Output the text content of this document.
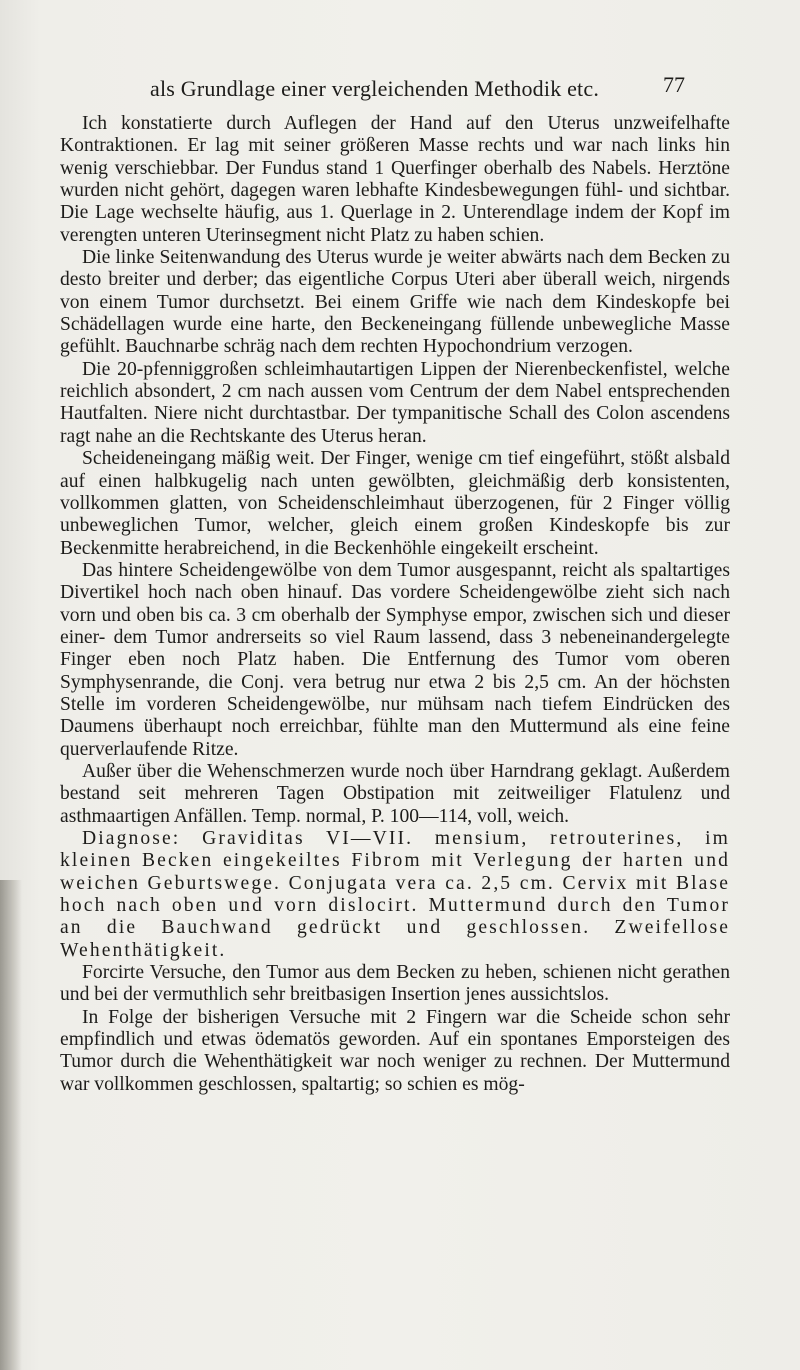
als Grundlage einer vergleichenden Methodik etc.	77

Ich konstatierte durch Auflegen der Hand auf den Uterus unzweifelhafte Kontraktionen. Er lag mit seiner größeren Masse rechts und war nach links hin wenig verschiebbar. Der Fundus stand 1 Querfinger oberhalb des Nabels. Herztöne wurden nicht gehört, dagegen waren lebhafte Kindesbewegungen fühl- und sichtbar. Die Lage wechselte häufig, aus 1. Querlage in 2. Unterendlage indem der Kopf im verengten unteren Uterinsegment nicht Platz zu haben schien.

Die linke Seitenwandung des Uterus wurde je weiter abwärts nach dem Becken zu desto breiter und derber; das eigentliche Corpus Uteri aber überall weich, nirgends von einem Tumor durchsetzt. Bei einem Griffe wie nach dem Kindeskopfe bei Schädellagen wurde eine harte, den Beckeneingang füllende unbewegliche Masse gefühlt. Bauchnarbe schräg nach dem rechten Hypochondrium verzogen.

Die 20-pfenniggroßen schleimhautartigen Lippen der Nierenbeckenfistel, welche reichlich absondert, 2 cm nach aussen vom Centrum der dem Nabel entsprechenden Hautfalten. Niere nicht durchtastbar. Der tympanitische Schall des Colon ascendens ragt nahe an die Rechtskante des Uterus heran.

Scheideneingang mäßig weit. Der Finger, wenige cm tief eingeführt, stößt alsbald auf einen halbkugelig nach unten gewölbten, gleichmäßig derb konsistenten, vollkommen glatten, von Scheidenschleimhaut überzogenen, für 2 Finger völlig unbeweglichen Tumor, welcher, gleich einem großen Kindeskopfe bis zur Beckenmitte herabreichend, in die Beckenhöhle eingekeilt erscheint.

Das hintere Scheidengewölbe von dem Tumor ausgespannt, reicht als spaltartiges Divertikel hoch nach oben hinauf. Das vordere Scheidengewölbe zieht sich nach vorn und oben bis ca. 3 cm oberhalb der Symphyse empor, zwischen sich und dieser einer- dem Tumor andrerseits so viel Raum lassend, dass 3 nebeneinandergelegte Finger eben noch Platz haben. Die Entfernung des Tumor vom oberen Symphysenrande, die Conj. vera betrug nur etwa 2 bis 2,5 cm. An der höchsten Stelle im vorderen Scheidengewölbe, nur mühsam nach tiefem Eindrücken des Daumens überhaupt noch erreichbar, fühlte man den Muttermund als eine feine querverlaufende Ritze.

Außer über die Wehenschmerzen wurde noch über Harndrang geklagt. Außerdem bestand seit mehreren Tagen Obstipation mit zeitweiliger Flatulenz und asthmaartigen Anfällen. Temp. normal, P. 100—114, voll, weich.

Diagnose: Graviditas VI—VII. mensium, retrouterines, im kleinen Becken eingekeiltes Fibrom mit Verlegung der harten und weichen Geburtswege. Conjugata vera ca. 2,5 cm. Cervix mit Blase hoch nach oben und vorn dislocirt. Muttermund durch den Tumor an die Bauchwand gedrückt und geschlossen. Zweifellose Wehenthätigkeit.

Forcirte Versuche, den Tumor aus dem Becken zu heben, schienen nicht gerathen und bei der vermuthlich sehr breitbasigen Insertion jenes aussichtslos.

In Folge der bisherigen Versuche mit 2 Fingern war die Scheide schon sehr empfindlich und etwas ödematös geworden. Auf ein spontanes Emporsteigen des Tumor durch die Wehenthätigkeit war noch weniger zu rechnen. Der Muttermund war vollkommen geschlossen, spaltartig; so schien es mög-
